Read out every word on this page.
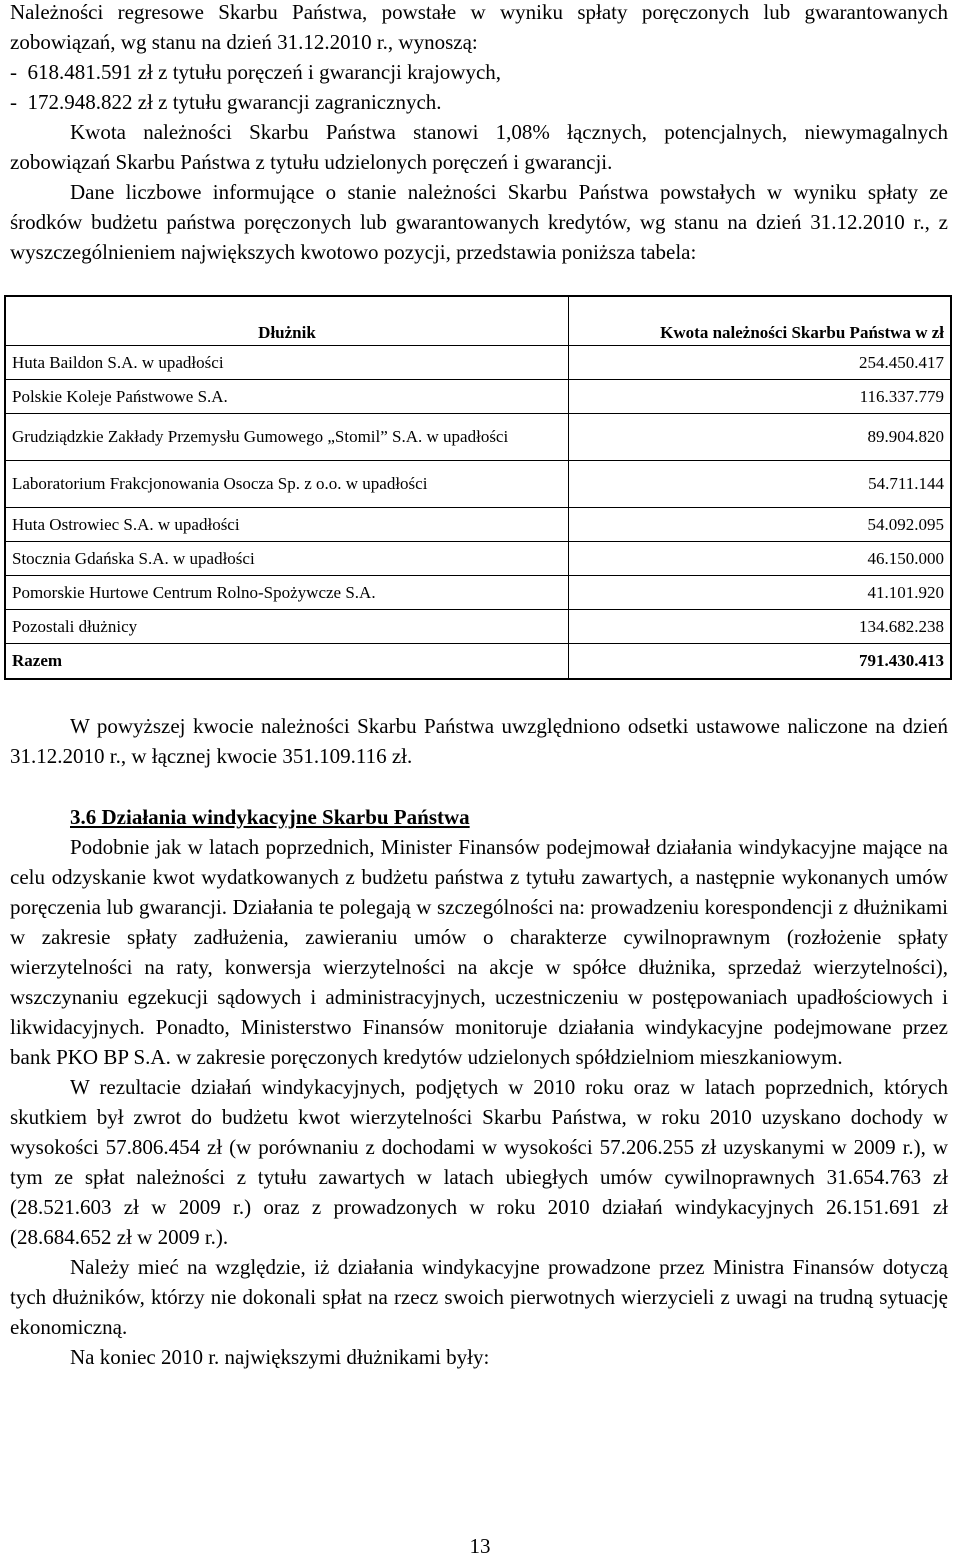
Należności regresowe Skarbu Państwa, powstałe w wyniku spłaty poręczonych lub gwarantowanych zobowiązań, wg stanu na dzień 31.12.2010 r., wynoszą:

-  618.481.591 zł z tytułu poręczeń i gwarancji krajowych,
-  172.948.822 zł z tytułu gwarancji zagranicznych.

Kwota należności Skarbu Państwa stanowi 1,08% łącznych, potencjalnych, niewymagalnych zobowiązań Skarbu Państwa z tytułu udzielonych poręczeń i gwarancji.

Dane liczbowe informujące o stanie należności Skarbu Państwa powstałych w wyniku spłaty ze środków budżetu państwa poręczonych lub gwarantowanych kredytów, wg stanu na dzień 31.12.2010 r., z wyszczególnieniem największych kwotowo pozycji, przedstawia poniższa tabela:

Dłużnik	Kwota należności Skarbu Państwa w zł
Huta Baildon S.A. w upadłości	254.450.417
Polskie Koleje Państwowe S.A.	116.337.779
Grudziądzkie Zakłady Przemysłu Gumowego „Stomil” S.A. w upadłości	89.904.820
Laboratorium Frakcjonowania Osocza Sp. z o.o. w upadłości	54.711.144
Huta Ostrowiec S.A. w upadłości	54.092.095
Stocznia Gdańska S.A. w upadłości	46.150.000
Pomorskie Hurtowe Centrum Rolno-Spożywcze S.A.	41.101.920
Pozostali dłużnicy	134.682.238
Razem	791.430.413

W powyższej kwocie należności Skarbu Państwa uwzględniono odsetki ustawowe naliczone na dzień 31.12.2010 r., w łącznej kwocie 351.109.116 zł.

3.6 Działania windykacyjne Skarbu Państwa

Podobnie jak w latach poprzednich, Minister Finansów podejmował działania windykacyjne mające na celu odzyskanie kwot wydatkowanych z budżetu państwa z tytułu zawartych, a następnie wykonanych umów poręczenia lub gwarancji. Działania te polegają w szczególności na: prowadzeniu korespondencji z dłużnikami w zakresie spłaty zadłużenia, zawieraniu umów o charakterze cywilnoprawnym (rozłożenie spłaty wierzytelności na raty, konwersja wierzytelności na akcje w spółce dłużnika, sprzedaż wierzytelności), wszczynaniu egzekucji sądowych i administracyjnych, uczestniczeniu w postępowaniach upadłościowych i likwidacyjnych. Ponadto, Ministerstwo Finansów monitoruje działania windykacyjne podejmowane przez bank PKO BP S.A. w zakresie poręczonych kredytów udzielonych spółdzielniom mieszkaniowym.

W rezultacie działań windykacyjnych, podjętych w 2010 roku oraz w latach poprzednich, których skutkiem był zwrot do budżetu kwot wierzytelności Skarbu Państwa, w roku 2010 uzyskano dochody w wysokości 57.806.454 zł (w porównaniu z dochodami w wysokości 57.206.255 zł uzyskanymi w 2009 r.), w tym ze spłat należności z tytułu zawartych w latach ubiegłych umów cywilnoprawnych 31.654.763 zł (28.521.603 zł w 2009 r.) oraz z prowadzonych w roku 2010 działań windykacyjnych 26.151.691 zł (28.684.652 zł w 2009 r.).

Należy mieć na względzie, iż działania windykacyjne prowadzone przez Ministra Finansów dotyczą tych dłużników, którzy nie dokonali spłat na rzecz swoich pierwotnych wierzycieli z uwagi na trudną sytuację ekonomiczną.

Na koniec 2010 r. największymi dłużnikami były:

13
